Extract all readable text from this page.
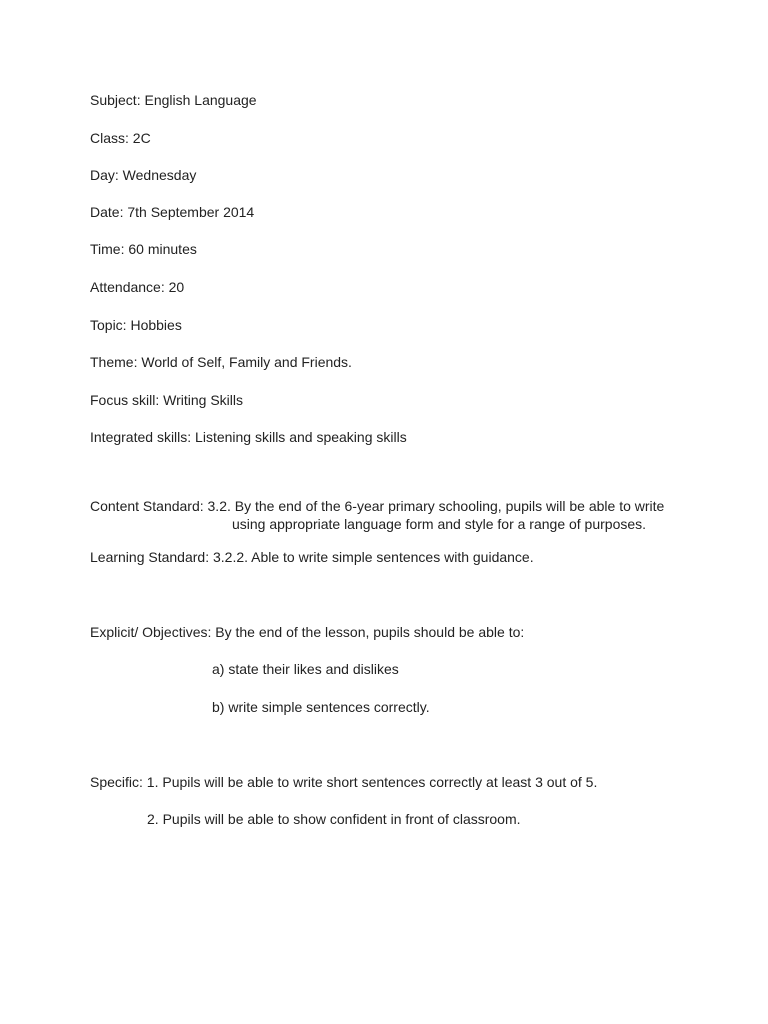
Subject: English Language
Class: 2C
Day: Wednesday
Date: 7th September 2014
Time: 60 minutes
Attendance: 20
Topic: Hobbies
Theme: World of Self, Family and Friends.
Focus skill: Writing Skills
Integrated skills: Listening skills and speaking skills
Content Standard: 3.2. By the end of the 6-year primary schooling, pupils will be able to write
using appropriate language form and style for a range of purposes.
Learning Standard: 3.2.2. Able to write simple sentences with guidance.
Explicit/ Objectives: By the end of the lesson, pupils should be able to:
a) state their likes and dislikes
b) write simple sentences correctly.
Specific: 1. Pupils will be able to write short sentences correctly at least 3 out of 5.
2. Pupils will be able to show confident in front of classroom.
